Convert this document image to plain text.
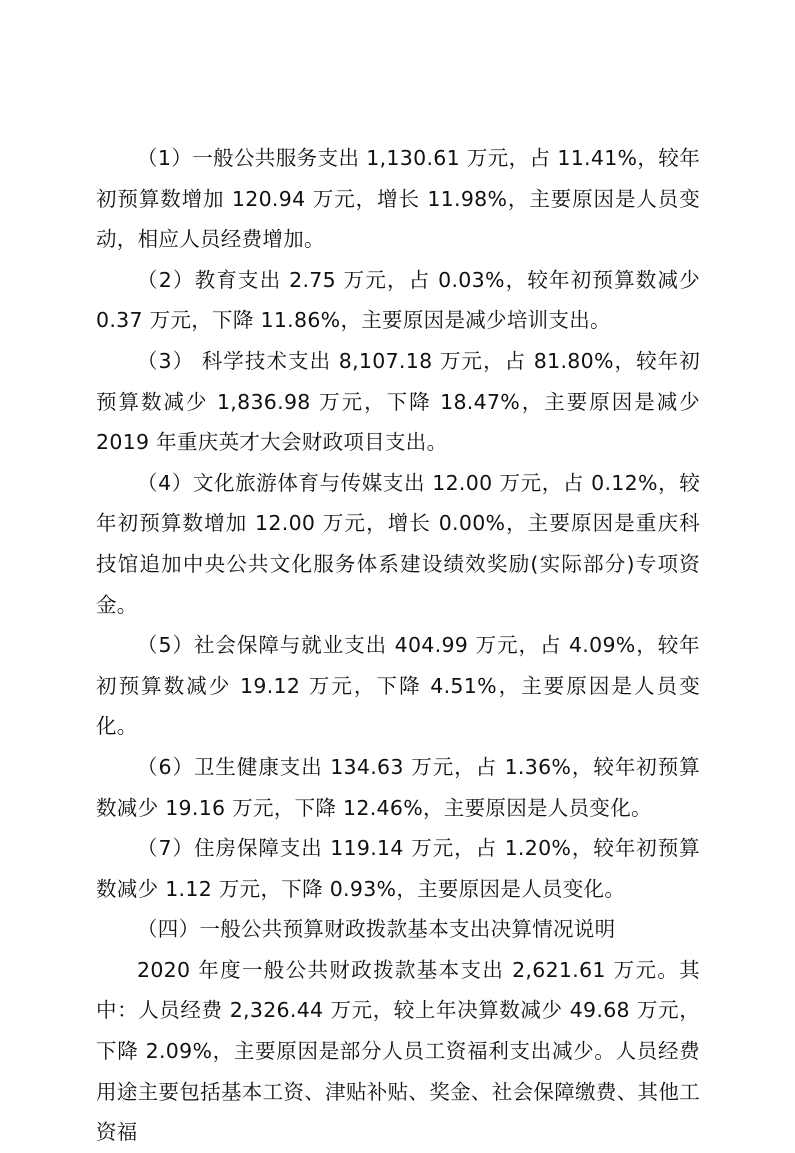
（1）一般公共服务支出 1,130.61 万元，占 11.41%，较年初预算数增加 120.94 万元，增长 11.98%，主要原因是人员变动，相应人员经费增加。

（2）教育支出 2.75 万元，占 0.03%，较年初预算数减少 0.37 万元，下降 11.86%，主要原因是减少培训支出。

（3） 科学技术支出 8,107.18 万元，占 81.80%，较年初预算数减少 1,836.98 万元，下降 18.47%，主要原因是减少 2019 年重庆英才大会财政项目支出。

（4）文化旅游体育与传媒支出 12.00 万元，占 0.12%，较年初预算数增加 12.00 万元，增长 0.00%，主要原因是重庆科技馆追加中央公共文化服务体系建设绩效奖励(实际部分)专项资金。

（5）社会保障与就业支出 404.99 万元，占 4.09%，较年初预算数减少 19.12 万元，下降 4.51%，主要原因是人员变化。

（6）卫生健康支出 134.63 万元，占 1.36%，较年初预算数减少 19.16 万元，下降 12.46%，主要原因是人员变化。

（7）住房保障支出 119.14 万元，占 1.20%，较年初预算数减少 1.12 万元，下降 0.93%，主要原因是人员变化。

（四）一般公共预算财政拨款基本支出决算情况说明

2020 年度一般公共财政拨款基本支出 2,621.61 万元。其中：人员经费 2,326.44 万元，较上年决算数减少 49.68 万元，下降 2.09%，主要原因是部分人员工资福利支出减少。人员经费用途主要包括基本工资、津贴补贴、奖金、社会保障缴费、其他工资福
